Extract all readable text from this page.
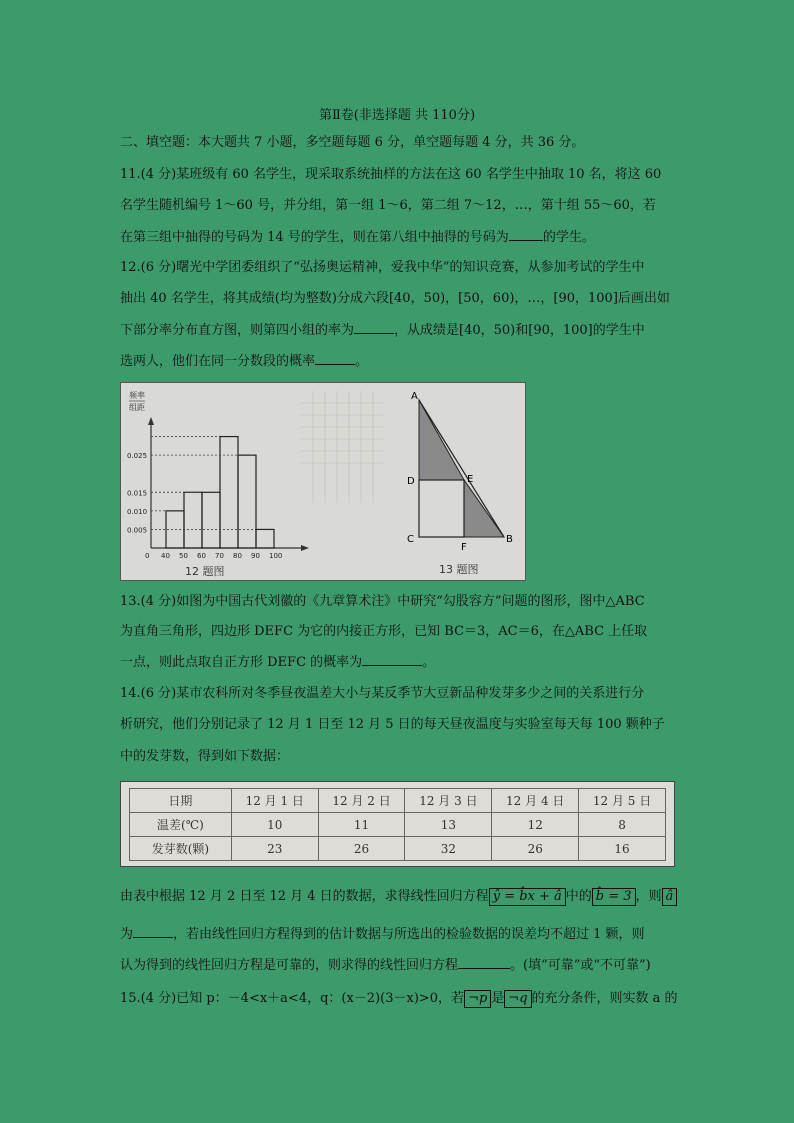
第Ⅱ卷(非选择题 共 110分)
二、填空题：本大题共 7 小题，多空题每题 6 分，单空题每题 4 分，共 36 分。
11.(4 分)某班级有 60 名学生，现采取系统抽样的方法在这 60 名学生中抽取 10 名，将这 60
名学生随机编号 1～60 号，并分组，第一组 1～6，第二组 7～12，…，第十组 55～60，若
在第三组中抽得的号码为 14 号的学生，则在第八组中抽得的号码为	的学生。
12.(6 分)曙光中学团委组织了“弘扬奥运精神，爱我中华”的知识竞赛，从参加考试的学生中
抽出 40 名学生，将其成绩(均为整数)分成六段[40，50)，[50，60)，…，[90，100]后画出如
下部分率分布直方图，则第四小组的率为	，从成绩是[40，50)和[90，100]的学生中
选两人，他们在同一分数段的概率	。
频率
组距
0.025
0.015
0.010
0.005
0 40 50 60 70 80 90 100
12 题图
A
D	E
C
F
B
13 题图
13.(4 分)如图为中国古代刘徽的《九章算术注》中研究“勾股容方”问题的图形，图中△ABC
为直角三角形，四边形 DEFC 为它的内接正方形，已知 BC＝3，AC＝6，在△ABC 上任取
一点，则此点取自正方形 DEFC 的概率为	。
14.(6 分)某市农科所对冬季昼夜温差大小与某反季节大豆新品种发芽多少之间的关系进行分
析研究，他们分别记录了 12 月 1 日至 12 月 5 日的每天昼夜温度与实验室每天每 100 颗种子
中的发芽数，得到如下数据：
日期	12 月 1 日	12 月 2 日	12 月 3 日	12 月 4 日	12 月 5 日
温差(℃)	10	11	13	12	8
发芽数(颗)	23	26	32	26	16
由表中根据 12 月 2 日至 12 月 4 日的数据，求得线性回归方程 ŷ = b̂x + â 中的 b̂ = 3 ，则 â
为	，若由线性回归方程得到的估计数据与所选出的检验数据的误差均不超过 1 颗，则
认为得到的线性回归方程是可靠的，则求得的线性回归方程	。(填“可靠”或“不可靠”)
15.(4 分)已知 p：－4<x＋a<4，q：(x－2)(3－x)>0，若 ¬p 是 ¬q 的充分条件，则实数 a 的
